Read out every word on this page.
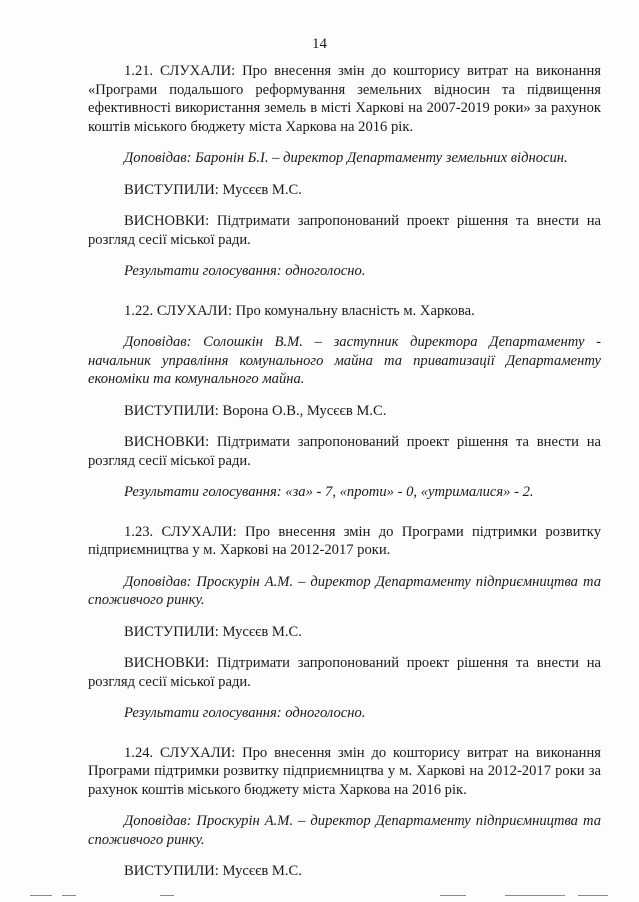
14

1.21. СЛУХАЛИ: Про внесення змін до кошторису витрат на виконання «Програми подальшого реформування земельних відносин та підвищення ефективності використання земель в місті Харкові на 2007-2019 роки» за рахунок коштів міського бюджету міста Харкова на 2016 рік.

Доповідав: Баронін Б.І. – директор Департаменту земельних відносин.

ВИСТУПИЛИ: Мусєєв М.С.

ВИСНОВКИ: Підтримати запропонований проект рішення та внести на розгляд сесії міської ради.

Результати голосування: одноголосно.

1.22. СЛУХАЛИ: Про комунальну власність м. Харкова.

Доповідав: Солошкін В.М. – заступник директора Департаменту - начальник управління комунального майна та приватизації Департаменту економіки та комунального майна.

ВИСТУПИЛИ: Ворона О.В., Мусєєв М.С.

ВИСНОВКИ: Підтримати запропонований проект рішення та внести на розгляд сесії міської ради.

Результати голосування: «за» - 7, «проти» - 0, «утрималися» - 2.

1.23. СЛУХАЛИ: Про внесення змін до Програми підтримки розвитку підприємництва у м. Харкові на 2012-2017 роки.

Доповідав: Проскурін А.М. – директор Департаменту підприємництва та споживчого ринку.

ВИСТУПИЛИ: Мусєєв М.С.

ВИСНОВКИ: Підтримати запропонований проект рішення та внести на розгляд сесії міської ради.

Результати голосування: одноголосно.

1.24. СЛУХАЛИ: Про внесення змін до кошторису витрат на виконання Програми підтримки розвитку підприємництва у м. Харкові на 2012-2017 роки за рахунок коштів міського бюджету міста Харкова на 2016 рік.

Доповідав: Проскурін А.М. – директор Департаменту підприємництва та споживчого ринку.

ВИСТУПИЛИ: Мусєєв М.С.
